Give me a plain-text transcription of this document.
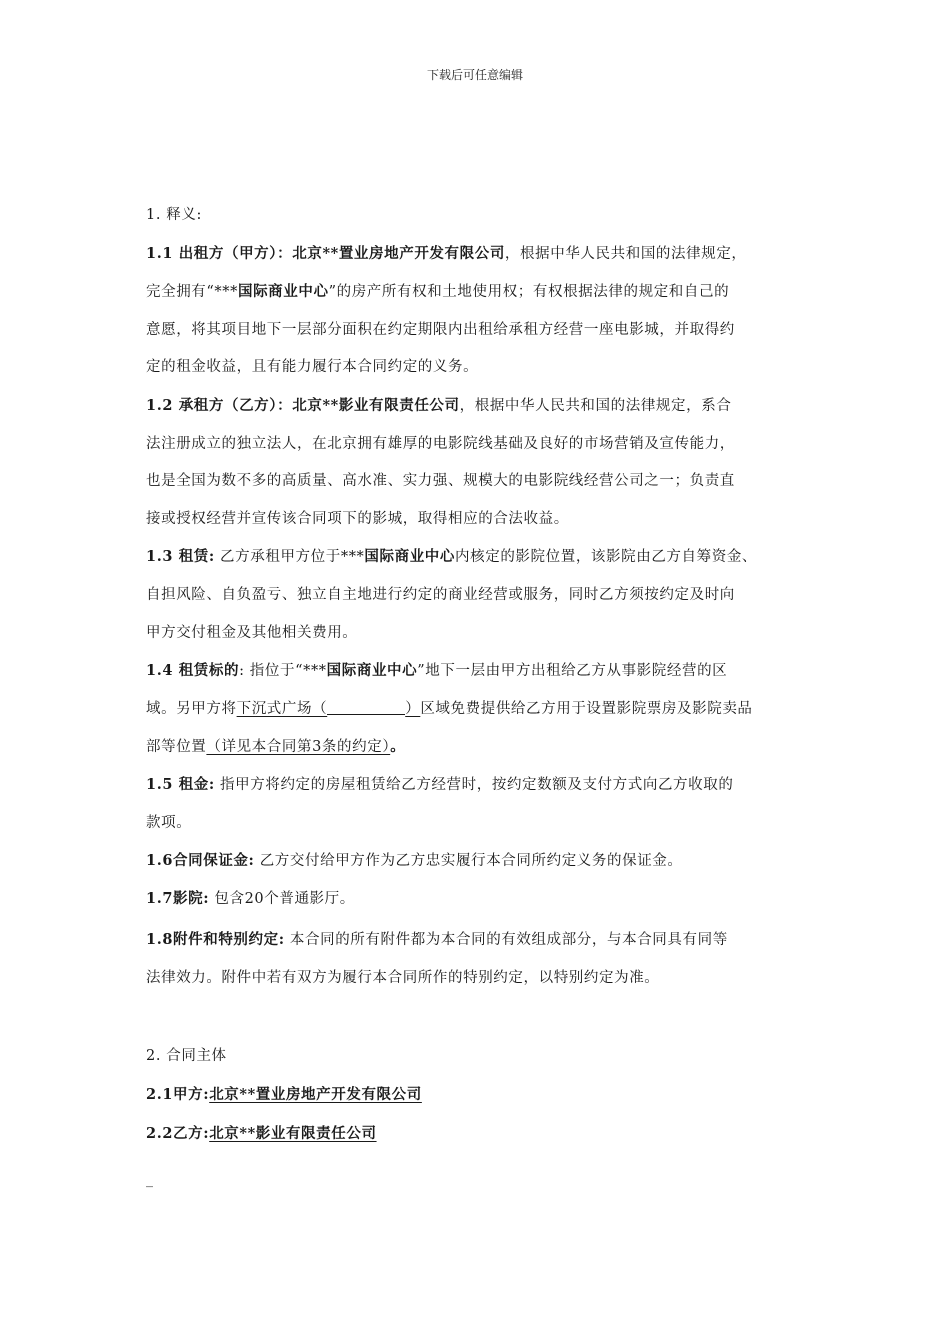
下载后可任意编辑
1. 释义:
1.1 出租方（甲方）：北京**置业房地产开发有限公司，根据中华人民共和国的法律规定，
完全拥有“***国际商业中心”的房产所有权和土地使用权；有权根据法律的规定和自己的
意愿，将其项目地下一层部分面积在约定期限内出租给承租方经营一座电影城，并取得约
定的租金收益，且有能力履行本合同约定的义务。
1.2 承租方（乙方）：北京**影业有限责任公司，根据中华人民共和国的法律规定，系合
法注册成立的独立法人，在北京拥有雄厚的电影院线基础及良好的市场营销及宣传能力，
也是全国为数不多的高质量、高水准、实力强、规模大的电影院线经营公司之一；负责直
接或授权经营并宣传该合同项下的影城，取得相应的合法收益。
1.3 租赁: 乙方承租甲方位于***国际商业中心内核定的影院位置，该影院由乙方自筹资金、
自担风险、自负盈亏、独立自主地进行约定的商业经营或服务，同时乙方须按约定及时向
甲方交付租金及其他相关费用。
1.4 租赁标的: 指位于“***国际商业中心”地下一层由甲方出租给乙方从事影院经营的区
域。另甲方将下沉式广场（	）区域免费提供给乙方用于设置影院票房及影院卖品
部等位置（详见本合同第3条的约定）。
1.5 租金: 指甲方将约定的房屋租赁给乙方经营时，按约定数额及支付方式向乙方收取的
款项。
1.6合同保证金: 乙方交付给甲方作为乙方忠实履行本合同所约定义务的保证金。
1.7影院: 包含20个普通影厅。
1.8附件和特别约定: 本合同的所有附件都为本合同的有效组成部分，与本合同具有同等
法律效力。附件中若有双方为履行本合同所作的特别约定，以特别约定为准。
2. 合同主体
2.1甲方:北京**置业房地产开发有限公司
2.2乙方:北京**影业有限责任公司
_
